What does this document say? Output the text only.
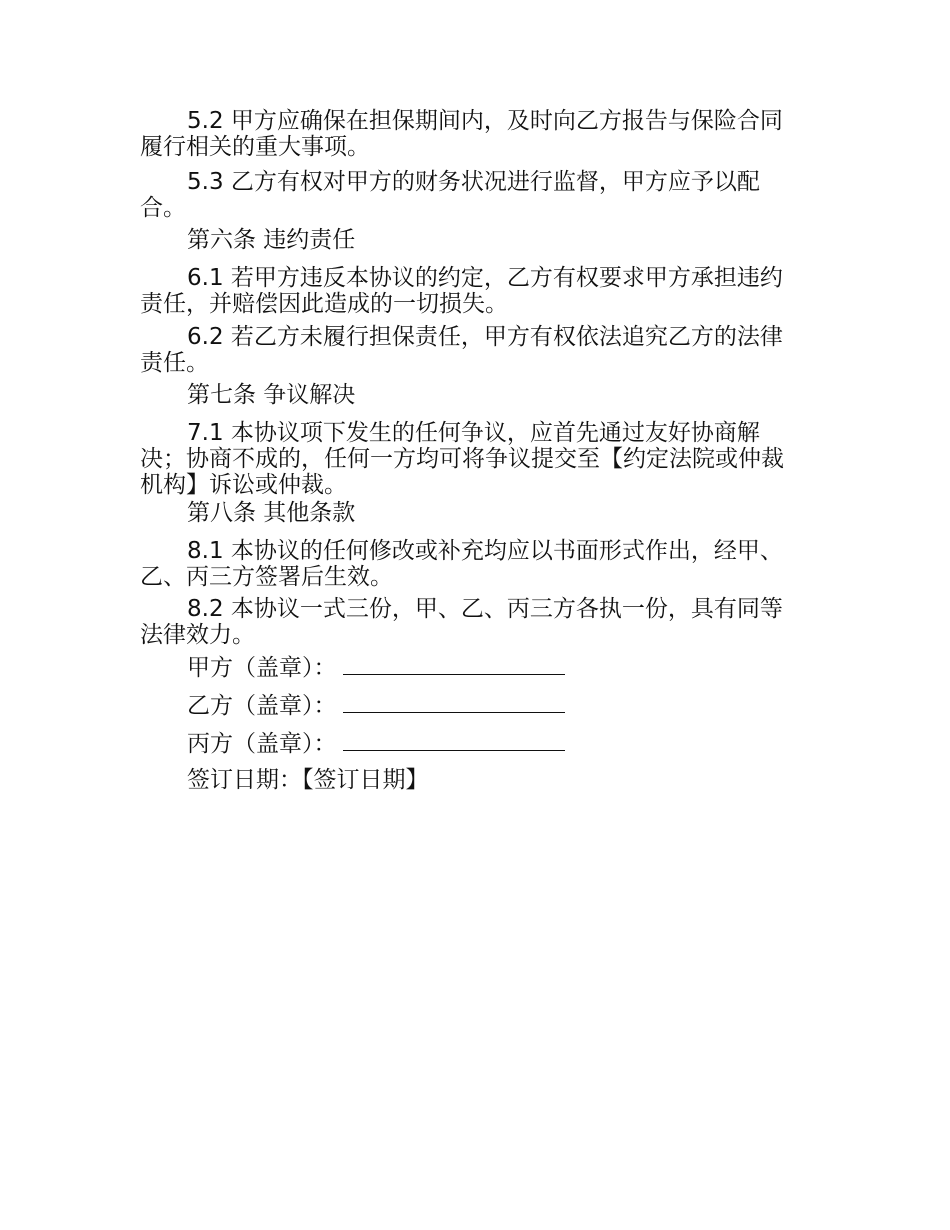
5.2 甲方应确保在担保期间内，及时向乙方报告与保险合同履行相关的重大事项。

5.3 乙方有权对甲方的财务状况进行监督，甲方应予以配合。

第六条 违约责任

6.1 若甲方违反本协议的约定，乙方有权要求甲方承担违约责任，并赔偿因此造成的一切损失。

6.2 若乙方未履行担保责任，甲方有权依法追究乙方的法律责任。

第七条 争议解决

7.1 本协议项下发生的任何争议，应首先通过友好协商解决；协商不成的，任何一方均可将争议提交至【约定法院或仲裁机构】诉讼或仲裁。

第八条 其他条款

8.1 本协议的任何修改或补充均应以书面形式作出，经甲、乙、丙三方签署后生效。

8.2 本协议一式三份，甲、乙、丙三方各执一份，具有同等法律效力。

甲方（盖章）：
乙方（盖章）：
丙方（盖章）：
签订日期：【签订日期】
